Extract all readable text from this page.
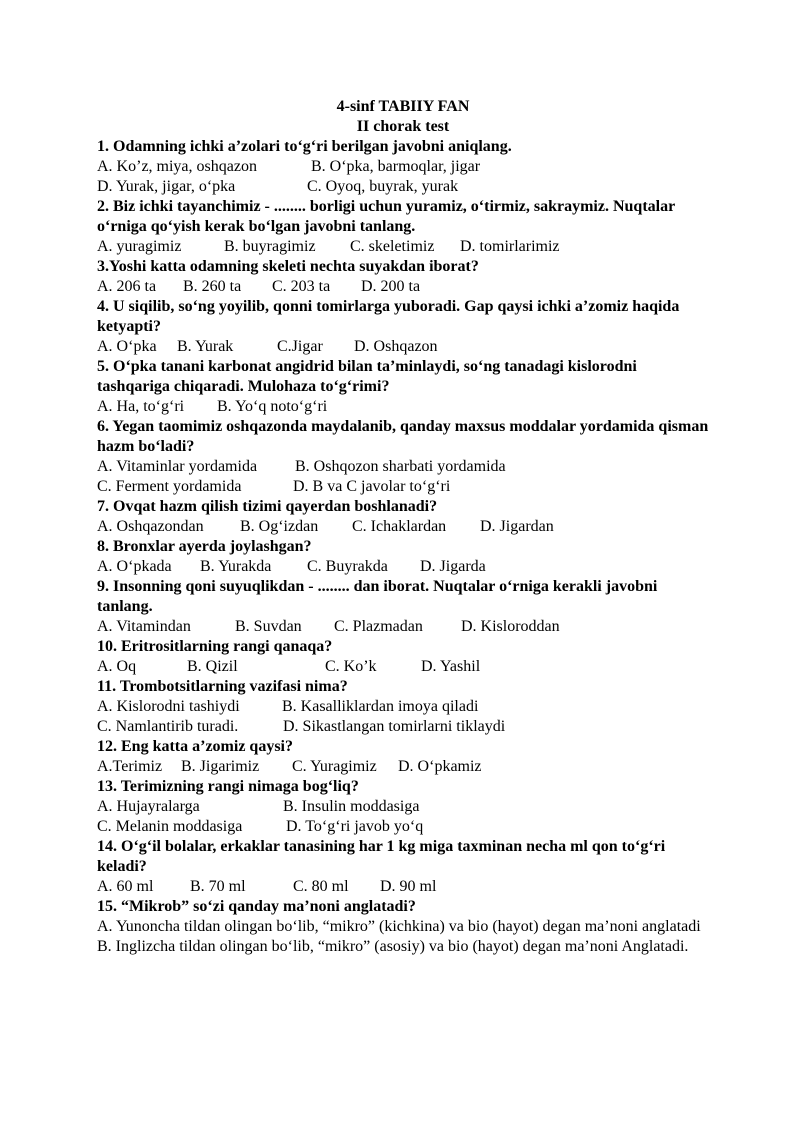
4-sinf TABIIY FAN
II chorak test
1. Odamning ichki a’zolari to‘g‘ri berilgan javobni aniqlang.
A. Ko’z, miya, oshqazon	B. O‘pka, barmoqlar, jigar
D. Yurak, jigar, o‘pka	C. Oyoq, buyrak, yurak
2. Biz ichki tayanchimiz - ........ borligi uchun yuramiz, o‘tirmiz, sakraymiz. Nuqtalar o‘rniga qo‘yish kerak bo‘lgan javobni tanlang.
A. yuragimiz	B. buyragimiz C. skeletimiz D. tomirlarimiz
3.Yoshi katta odamning skeleti nechta suyakdan iborat?
A. 206 ta B. 260 ta C. 203 ta D. 200 ta
4. U siqilib, so‘ng yoyilib, qonni tomirlarga yuboradi. Gap qaysi ichki a’zomiz haqida ketyapti?
A. O‘pka B. Yurak	C.Jigar D. Oshqazon
5. O‘pka tanani karbonat angidrid bilan ta’minlaydi, so‘ng tanadagi kislorodni tashqariga chiqaradi. Mulohaza to‘g‘rimi?
A. Ha, to‘g‘ri B. Yo‘q noto‘g‘ri
6. Yegan taomimiz oshqazonda maydalanib, qanday maxsus moddalar yordamida qisman hazm bo‘ladi?
A. Vitaminlar yordamida B. Oshqozon sharbati yordamida
C. Ferment yordamida	D. B va C javolar to‘g‘ri
7. Ovqat hazm qilish tizimi qayerdan boshlanadi?
A. Oshqazondan B. Og‘izdan C. Ichaklardan D. Jigardan
8. Bronxlar ayerda joylashgan?
A. O‘pkada B. Yurakda C. Buyrakda D. Jigarda
9. Insonning qoni suyuqlikdan - ........ dan iborat. Nuqtalar o‘rniga kerakli javobni tanlang.
A. Vitamindan	B. Suvdan C. Plazmadan D. Kisloroddan
10. Eritrositlarning rangi qanaqa?
A. Oq	B. Qizil	C. Ko’k	D. Yashil
11. Trombotsitlarning vazifasi nima?
A. Kislorodni tashiydi	B. Kasalliklardan imoya qiladi
C. Namlantirib turadi.	D. Sikastlangan tomirlarni tiklaydi
12. Eng katta a’zomiz qaysi?
A.Terimiz B. Jigarimiz C. Yuragimiz D. O‘pkamiz
13. Terimizning rangi nimaga bog‘liq?
A. Hujayralarga	B. Insulin moddasiga
C. Melanin moddasiga	D. To‘g‘ri javob yo‘q
14. O‘g‘il bolalar, erkaklar tanasining har 1 kg miga taxminan necha ml qon to‘g‘ri keladi?
A. 60 ml B. 70 ml	C. 80 ml D. 90 ml
15. “Mikrob” so‘zi qanday ma’noni anglatadi?
A. Yunoncha tildan olingan bo‘lib, “mikro” (kichkina) va bio (hayot) degan ma’noni anglatadi
B. Inglizcha tildan olingan bo‘lib, “mikro” (asosiy) va bio (hayot) degan ma’noni Anglatadi.
